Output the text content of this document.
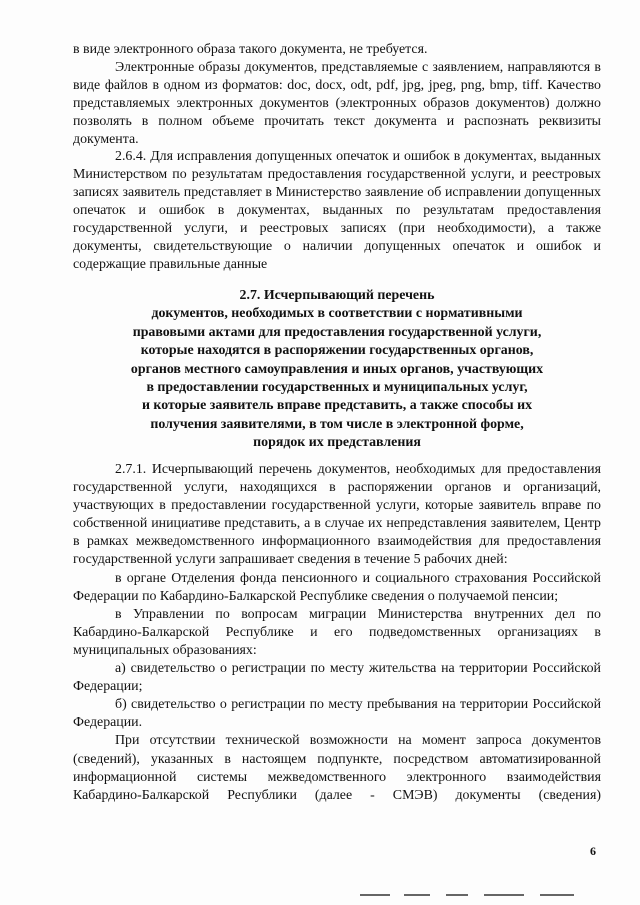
в виде электронного образа такого документа, не требуется.

Электронные образы документов, представляемые с заявлением, направляются в виде файлов в одном из форматов: doc, docx, odt, pdf, jpg, jpeg, png, bmp, tiff. Качество представляемых электронных документов (электронных образов документов) должно позволять в полном объеме прочитать текст документа и распознать реквизиты документа.

2.6.4. Для исправления допущенных опечаток и ошибок в документах, выданных Министерством по результатам предоставления государственной услуги, и реестровых записях заявитель представляет в Министерство заявление об исправлении допущенных опечаток и ошибок в документах, выданных по результатам предоставления государственной услуги, и реестровых записях (при необходимости), а также документы, свидетельствующие о наличии допущенных опечаток и ошибок и содержащие правильные данные

2.7. Исчерпывающий перечень
документов, необходимых в соответствии с нормативными
правовыми актами для предоставления государственной услуги,
которые находятся в распоряжении государственных органов,
органов местного самоуправления и иных органов, участвующих
в предоставлении государственных и муниципальных услуг,
и которые заявитель вправе представить, а также способы их
получения заявителями, в том числе в электронной форме,
порядок их представления

2.7.1. Исчерпывающий перечень документов, необходимых для предоставления государственной услуги, находящихся в распоряжении органов и организаций, участвующих в предоставлении государственной услуги, которые заявитель вправе по собственной инициативе представить, а в случае их непредставления заявителем, Центр в рамках межведомственного информационного взаимодействия для предоставления государственной услуги запрашивает сведения в течение 5 рабочих дней:

в органе Отделения фонда пенсионного и социального страхования Российской Федерации по Кабардино-Балкарской Республике сведения о получаемой пенсии;

в Управлении по вопросам миграции Министерства внутренних дел по Кабардино-Балкарской Республике и его подведомственных организациях в муниципальных образованиях:

а) свидетельство о регистрации по месту жительства на территории Российской Федерации;

б) свидетельство о регистрации по месту пребывания на территории Российской Федерации.

При отсутствии технической возможности на момент запроса документов (сведений), указанных в настоящем подпункте, посредством автоматизированной информационной системы межведомственного электронного взаимодействия Кабардино-Балкарской Республики (далее - СМЭВ) документы (сведения)

6
